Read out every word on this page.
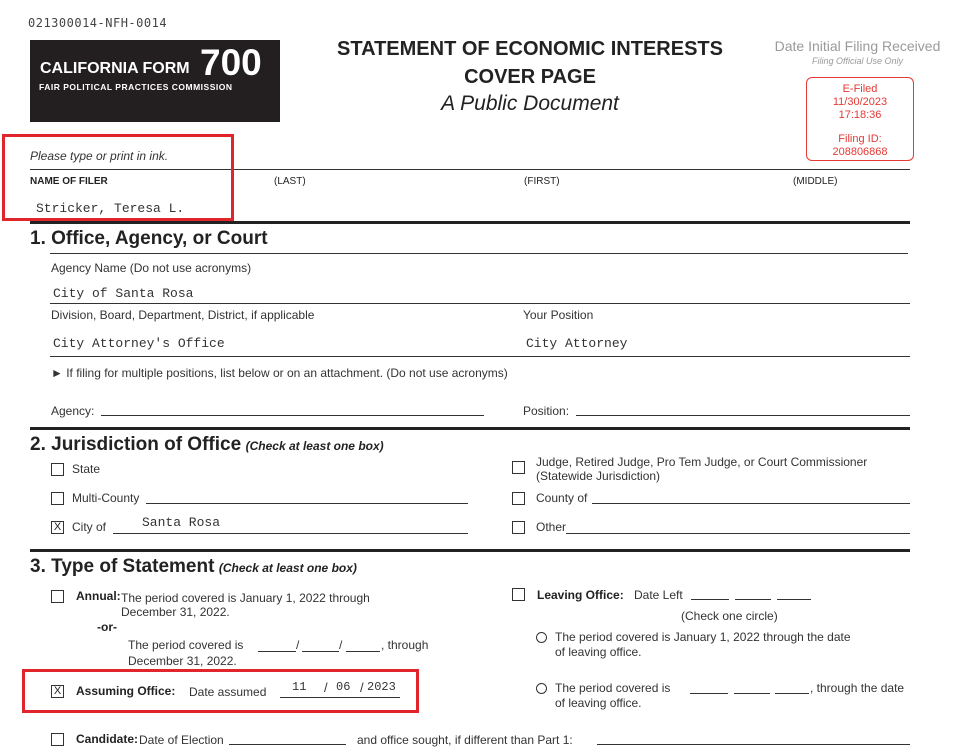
021300014-NFH-0014
CALIFORNIA FORM 700
FAIR POLITICAL PRACTICES COMMISSION
STATEMENT OF ECONOMIC INTERESTS
COVER PAGE
A Public Document
Date Initial Filing Received
Filing Official Use Only
E-Filed
11/30/2023
17:18:36
Filing ID:
208806868
Please type or print in ink.
NAME OF FILER	(LAST)	(FIRST)	(MIDDLE)
Stricker, Teresa L.
1. Office, Agency, or Court
Agency Name (Do not use acronyms)
City of Santa Rosa
Division, Board, Department, District, if applicable	Your Position
City Attorney's Office	City Attorney
► If filing for multiple positions, list below or on an attachment. (Do not use acronyms)
Agency:	Position:
2. Jurisdiction of Office (Check at least one box)
State
Multi-County
X City of	Santa Rosa
Judge, Retired Judge, Pro Tem Judge, or Court Commissioner
(Statewide Jurisdiction)
County of
Other
3. Type of Statement (Check at least one box)
Annual: The period covered is January 1, 2022 through
December 31, 2022.
-or-
The period covered is	/	/	, through
December 31, 2022.
X Assuming Office: Date assumed 11 / 06 / 2023
Leaving Office: Date Left
(Check one circle)
The period covered is January 1, 2022 through the date
of leaving office.
The period covered is	, through the date
of leaving office.
Candidate: Date of Election	and office sought, if different than Part 1:
